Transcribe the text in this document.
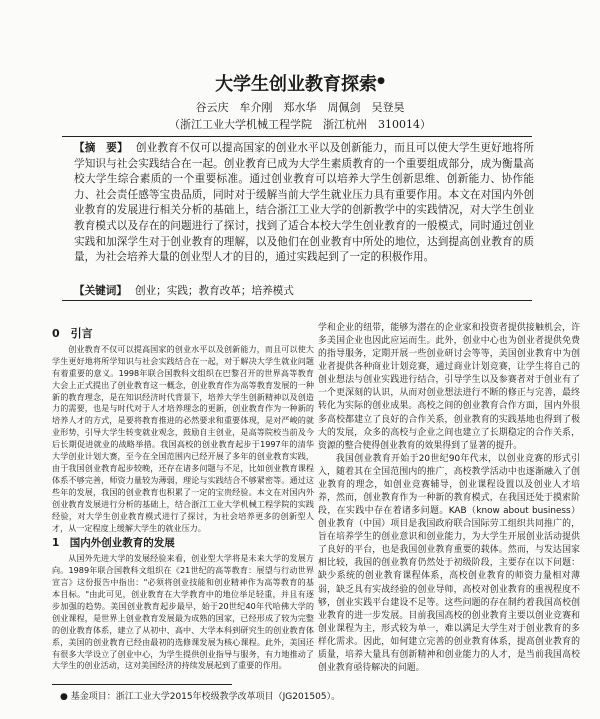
大学生创业教育探索●
谷云庆　牟介刚　郑水华　周佩剑　吴登昊
（浙江工业大学机械工程学院　浙江杭州　310014）
【摘　要】 创业教育不仅可以提高国家的创业水平以及创新能力，而且可以使大学生更好地将所学知识与社会实践结合在一起。创业教育已成为大学生素质教育的一个重要组成部分，成为衡量高校大学生综合素质的一个重要标准。通过创业教育可以培养大学生创新思维、创新能力、协作能力、社会责任感等宝贵品质，同时对于缓解当前大学生就业压力具有重要作用。本文在对国内外创业教育的发展进行相关分析的基础上，结合浙江工业大学的创新教学中的实践情况，对大学生创业教育模式以及存在的问题进行了探讨，找到了适合本校大学生创业教育的一般模式，同时通过创业实践和加深学生对于创业教育的理解，以及他们在创业教育中所处的地位，达到提高创业教育的质量，为社会培养大量的创业型人才的目的，通过实践起到了一定的积极作用。
【关键词】 创业；实践；教育改革；培养模式
0　引言

创业教育不仅可以提高国家的创业水平以及创新能力，而且可以使大学生更好地将所学知识与社会实践结合在一起，对于解决大学生就业问题有着重要的意义。1998年联合国教科文组织在巴黎召开的世界高等教育大会上正式提出了创业教育这一概念，创业教育作为高等教育发展的一种新的教育理念，是在知识经济时代背景下，培养大学生创新精神以及创造力的需要，也是与时代对于人才培养理念的更新，创业教育作为一种新的培养人才的方式，是要将教育推进的必然要求和重要体现，是对严峻的就业形势，引导大学生转变就业观念，鼓励自主创业，是高等院校当前及今后长期促进就业的战略举措。我国高校的创业教育起步于1997年的清华大学创业计划大赛，至今在全国范围内已经开展了多年的创业教育实践，由于我国创业教育起步较晚，还存在诸多问题与不足，比如创业教育课程体系不够完善，师资力量较为薄弱，理论与实践结合不够紧密等。通过这些年的发展，我国的创业教育也积累了一定的宝贵经验。本文在对国内外创业教育发展进行分析的基础上，结合浙江工业大学机械工程学院的实践经验，对大学生创业教育模式进行了探讨，为社会培养更多的创新型人才，从一定程度上缓解大学生的就业压力。

1　国内外创业教育的发展

从国外先进大学的发展经验来看，创业型大学将是未来大学的发展方向。1989年联合国教科文组织在《21世纪的高等教育：展望与行动世界宣言》这份报告中指出："必须将创业技能和创业精神作为高等教育的基本目标。"由此可见，创业教育在大学教育中的地位举足轻重，并且有逐步加强的趋势。美国创业教育起步最早，始于20世纪40年代哈佛大学的创业课程，是世界上创业教育发展最为成熟的国家，已经形成了较为完整的创业教育体系，建立了从初中、高中、大学本科到研究生的创业教育体系，美国的创业教育已经由最初的选修课发展为核心课程。此外，美国还有很多大学设立了创业中心，为学生提供创业指导与服务，有力地推动了大学生的创业活动，这对美国经济的持续发展起到了重要的作用。

学和企业的纽带，能够为潜在的企业家和投资者提供接触机会，许多美国企业也因此应运而生。此外，创业中心也为创业者提供免费的指导服务，定期开展一些创业研讨会等等，美国创业教育中为创业者提供各种商业计划竞赛，通过商业计划竞赛，让学生将自己的创业想法与创业实践进行结合，引导学生以及参赛者对于创业有了一个更深刻的认识，从而对创业想法进行不断的修正与完善，最终转化为实际的创业成果。高校之间的创业教育合作方面，国内外很多高校都建立了良好的合作关系，创业教育的实践基地也得到了极大的发展，众多的高校与企业之间也建立了长期稳定的合作关系，资源的整合使得创业教育的效果得到了显著的提升。

我国创业教育开始于20世纪90年代末，以创业竞赛的形式引入，随着其在全国范围内的推广，高校教学活动中也逐渐融入了创业教育的理念，如创业竞赛辅导，创业课程设置以及创业人才培养，然而，创业教育作为一种新的教育模式，在我国还处于摸索阶段，在实践中存在着诸多问题。KAB（know about business）创业教育（中国）项目是我国政府联合国际劳工组织共同推广的，旨在培养学生的创业意识和创业能力，为大学生开展创业活动提供了良好的平台，也是我国创业教育重要的载体。然而，与发达国家相比较，我国的创业教育仍然处于初级阶段，主要存在以下问题：缺少系统的创业教育课程体系，高校创业教育的师资力量相对薄弱，缺乏具有实战经验的创业导师，高校对创业教育的重视程度不够，创业实践平台建设不足等。这些问题的存在制约着我国高校创业教育的进一步发展。目前我国高校的创业教育主要以创业竞赛和创业课程为主，形式较为单一，难以满足大学生对于创业教育的多样化需求。因此，如何建立完善的创业教育体系，提高创业教育的质量，培养大量具有创新精神和创业能力的人才，是当前我国高校创业教育亟待解决的问题。

● 基金项目：浙江工业大学2015年校级教学改革项目（JG201505）。
